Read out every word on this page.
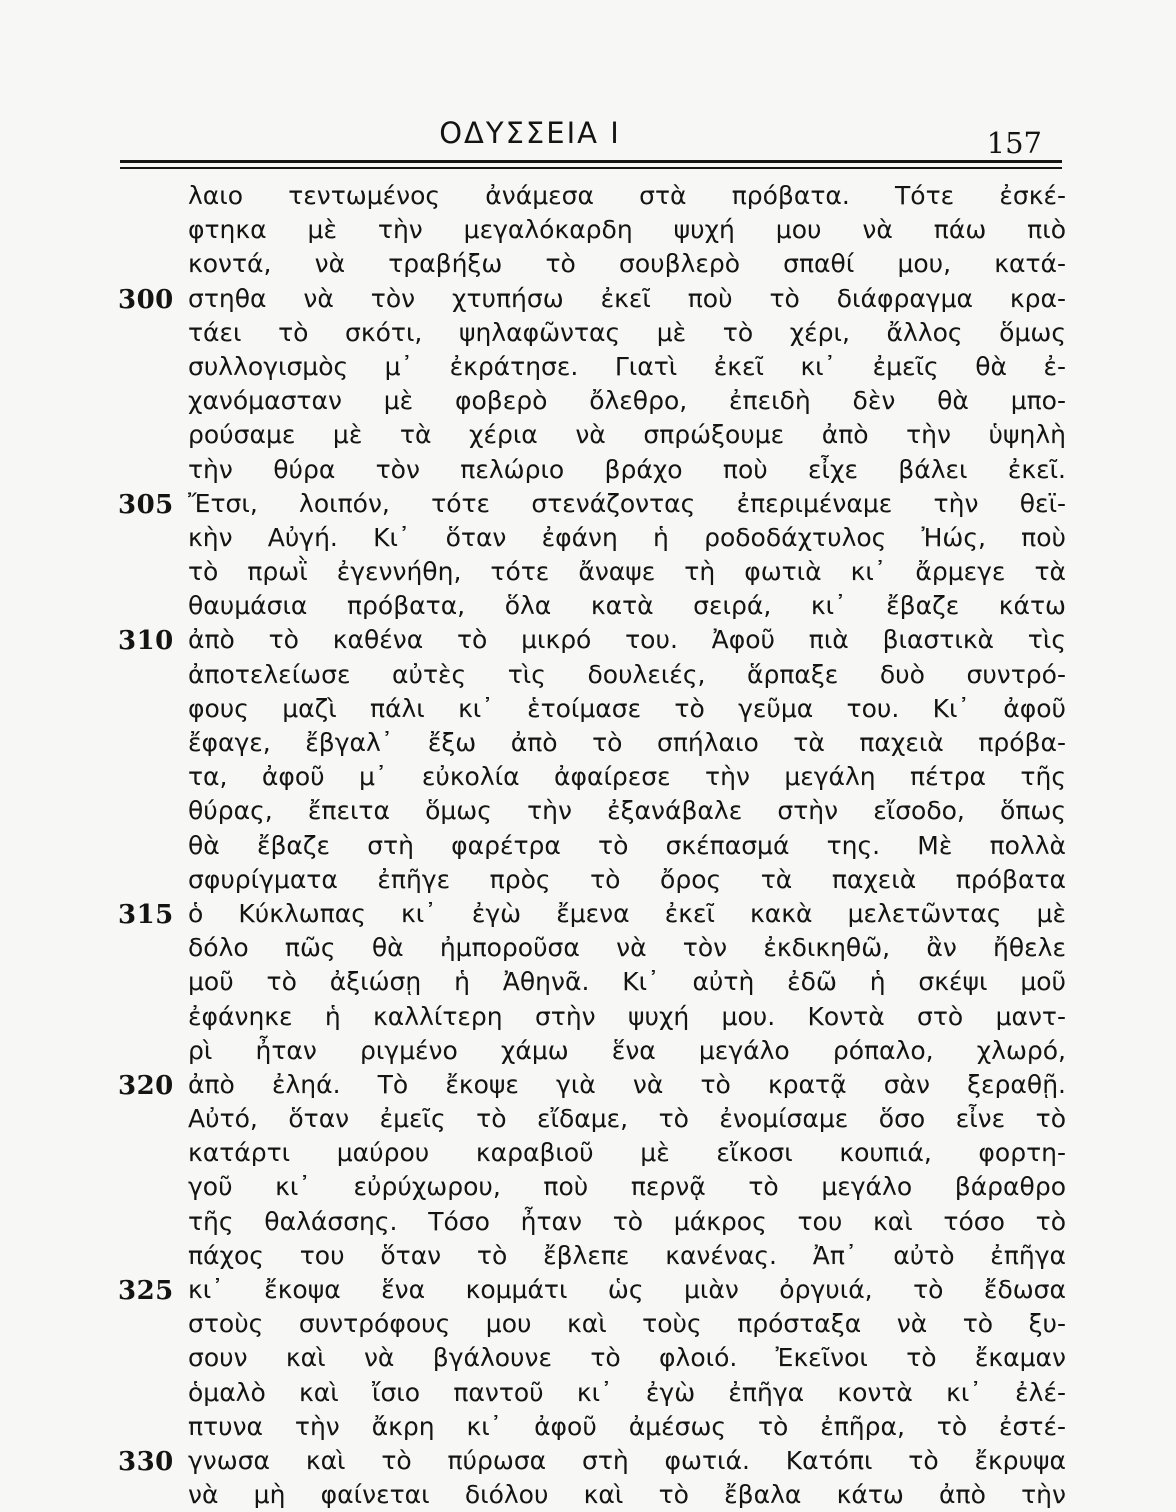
ΟΔΥΣΣΕΙΑ Ι	157
λαιο τεντωμένος ἀνάμεσα στὰ πρόβατα. Τότε ἐσκέ-
φτηκα μὲ τὴν μεγαλόκαρδη ψυχή μου νὰ πάω πιὸ
κοντά, νὰ τραβήξω τὸ σουβλερὸ σπαθί μου, κατά-
300 στηθα νὰ τὸν χτυπήσω ἐκεῖ ποὺ τὸ διάφραγμα κρα-
τάει τὸ σκότι, ψηλαφῶντας μὲ τὸ χέρι, ἄλλος ὅμως
συλλογισμὸς μ᾽ ἐκράτησε. Γιατὶ ἐκεῖ κι᾽ ἐμεῖς θὰ ἐ-
χανόμασταν μὲ φοβερὸ ὄλεθρο, ἐπειδὴ δὲν θὰ μπο-
ρούσαμε μὲ τὰ χέρια νὰ σπρώξουμε ἀπὸ τὴν ὑψηλὴ
τὴν θύρα τὸν πελώριο βράχο ποὺ εἶχε βάλει ἐκεῖ.
305 Ἔτσι, λοιπόν, τότε στενάζοντας ἐπεριμέναμε τὴν θεϊ-
κὴν Αὐγή. Κι᾽ ὅταν ἐφάνη ἡ ροδοδάχτυλος Ἠώς, ποὺ
τὸ πρωῒ ἐγεννήθη, τότε ἄναψε τὴ φωτιὰ κι᾽ ἄρμεγε τὰ
θαυμάσια πρόβατα, ὅλα κατὰ σειρά, κι᾽ ἔβαζε κάτω
310 ἀπὸ τὸ καθένα τὸ μικρό του. Ἀφοῦ πιὰ βιαστικὰ τὶς
ἀποτελείωσε αὐτὲς τὶς δουλειές, ἅρπαξε δυὸ συντρό-
φους μαζὶ πάλι κι᾽ ἑτοίμασε τὸ γεῦμα του. Κι᾽ ἀφοῦ
ἔφαγε, ἔβγαλ᾽ ἔξω ἀπὸ τὸ σπήλαιο τὰ παχειὰ πρόβα-
τα, ἀφοῦ μ᾽ εὐκολία ἀφαίρεσε τὴν μεγάλη πέτρα τῆς
θύρας, ἔπειτα ὅμως τὴν ἐξανάβαλε στὴν εἴσοδο, ὅπως
θὰ ἔβαζε στὴ φαρέτρα τὸ σκέπασμά της. Μὲ πολλὰ
σφυρίγματα ἐπῆγε πρὸς τὸ ὄρος τὰ παχειὰ πρόβατα
315 ὁ Κύκλωπας κι᾽ ἐγὼ ἔμενα ἐκεῖ κακὰ μελετῶντας μὲ
δόλο πῶς θὰ ἠμποροῦσα νὰ τὸν ἐκδικηθῶ, ἂν ἤθελε
μοῦ τὸ ἀξιώσῃ ἡ Ἀθηνᾶ. Κι᾽ αὐτὴ ἐδῶ ἡ σκέψι μοῦ
ἐφάνηκε ἡ καλλίτερη στὴν ψυχή μου. Κοντὰ στὸ μαντ-
ρὶ ἦταν ριγμένο χάμω ἕνα μεγάλο ρόπαλο, χλωρό,
320 ἀπὸ ἐληά. Τὸ ἔκοψε γιὰ νὰ τὸ κρατᾷ σὰν ξεραθῇ.
Αὐτό, ὅταν ἐμεῖς τὸ εἴδαμε, τὸ ἐνομίσαμε ὅσο εἶνε τὸ
κατάρτι μαύρου καραβιοῦ μὲ εἴκοσι κουπιά, φορτη-
γοῦ κι᾽ εὐρύχωρου, ποὺ περνᾷ τὸ μεγάλο βάραθρο
τῆς θαλάσσης. Τόσο ἦταν τὸ μάκρος του καὶ τόσο τὸ
πάχος του ὅταν τὸ ἔβλεπε κανένας. Ἀπ᾽ αὐτὸ ἐπῆγα
325 κι᾽ ἔκοψα ἕνα κομμάτι ὡς μιὰν ὀργυιά, τὸ ἔδωσα
στοὺς συντρόφους μου καὶ τοὺς πρόσταξα νὰ τὸ ξυ-
σουν καὶ νὰ βγάλουνε τὸ φλοιό. Ἐκεῖνοι τὸ ἔκαμαν
ὁμαλὸ καὶ ἴσιο παντοῦ κι᾽ ἐγὼ ἐπῆγα κοντὰ κι᾽ ἐλέ-
πτυνα τὴν ἄκρη κι᾽ ἀφοῦ ἀμέσως τὸ ἐπῆρα, τὸ ἐστέ-
330 γνωσα καὶ τὸ πύρωσα στὴ φωτιά. Κατόπι τὸ ἔκρυψα
νὰ μὴ φαίνεται διόλου καὶ τὸ ἔβαλα κάτω ἀπὸ τὴν
